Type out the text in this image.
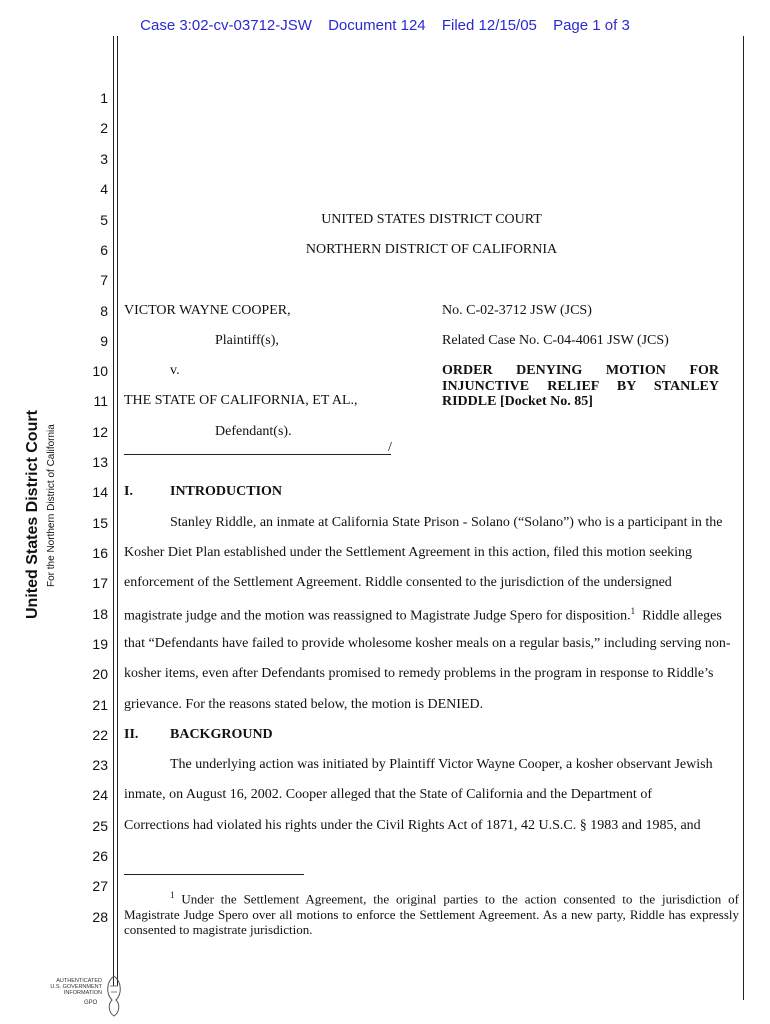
Case 3:02-cv-03712-JSW Document 124 Filed 12/15/05 Page 1 of 3
United States District Court For the Northern District of California
1
2
3
4
5
6
7
8
9
10
11
12
13
14
15
16
17
18
19
20
21
22
23
24
25
26
27
28
UNITED STATES DISTRICT COURT
NORTHERN DISTRICT OF CALIFORNIA
VICTOR WAYNE COOPER,
Plaintiff(s),
v.
THE STATE OF CALIFORNIA, ET AL.,
Defendant(s).
/
No. C-02-3712 JSW (JCS)
Related Case No. C-04-4061 JSW (JCS)
ORDER DENYING MOTION FOR INJUNCTIVE RELIEF BY STANLEY RIDDLE [Docket No. 85]
I.	INTRODUCTION
Stanley Riddle, an inmate at California State Prison - Solano (“Solano”) who is a participant in the
Kosher Diet Plan established under the Settlement Agreement in this action, filed this motion seeking
enforcement of the Settlement Agreement. Riddle consented to the jurisdiction of the undersigned
magistrate judge and the motion was reassigned to Magistrate Judge Spero for disposition.$^1$ Riddle alleges
that “Defendants have failed to provide wholesome kosher meals on a regular basis,” including serving non-
kosher items, even after Defendants promised to remedy problems in the program in response to Riddle’s
grievance. For the reasons stated below, the motion is DENIED.
II. BACKGROUND
The underlying action was initiated by Plaintiff Victor Wayne Cooper, a kosher observant Jewish
inmate, on August 16, 2002. Cooper alleged that the State of California and the Department of
Corrections had violated his rights under the Civil Rights Act of 1871, 42 U.S.C. § 1983 and 1985, and
$^1$ Under the Settlement Agreement, the original parties to the action consented to the jurisdiction of Magistrate Judge Spero over all motions to enforce the Settlement Agreement. As a new party, Riddle has expressly consented to magistrate jurisdiction.
AUTHENTICATED
U.S. GOVERNMENT
INFORMATION
GPO
